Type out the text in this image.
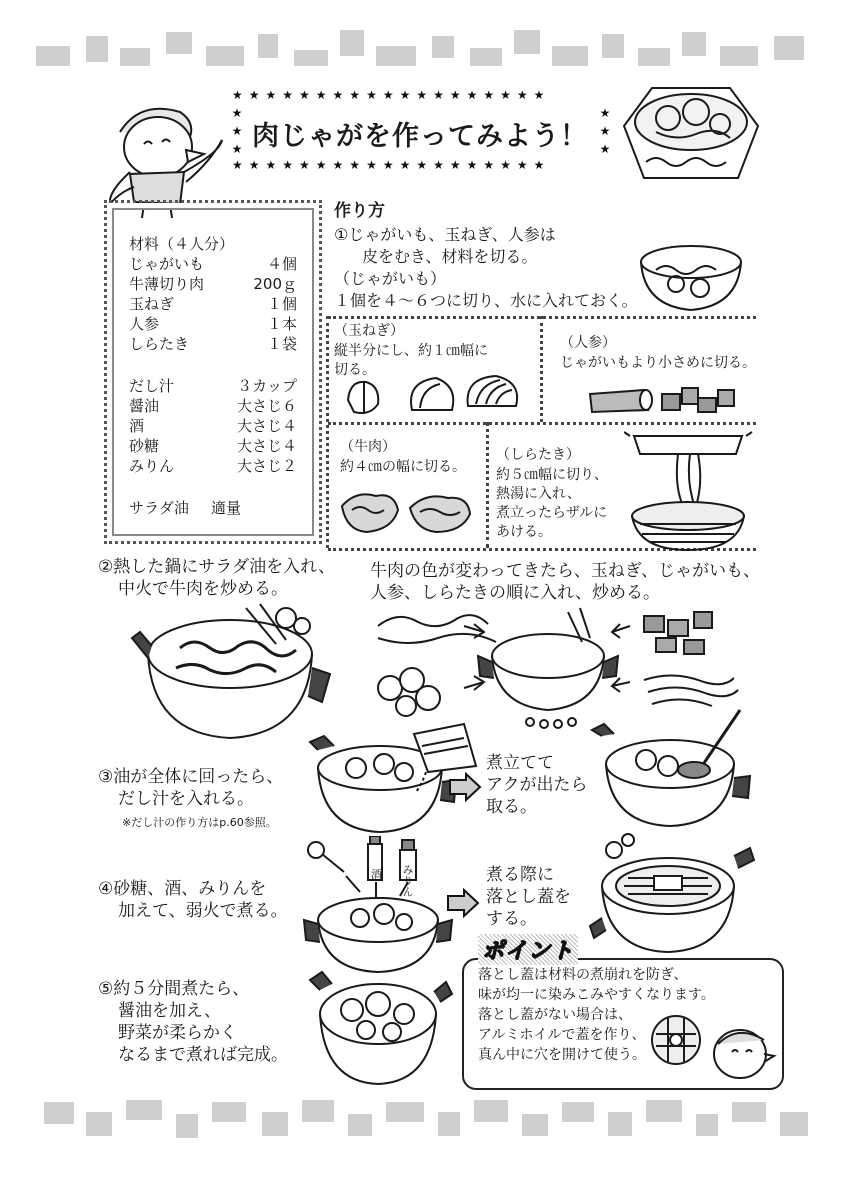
★★★★★★★★★★★★★★★★★★★
★★★★★★★★★★★★★★★★★★★
★★★	★★★
肉じゃがを作ってみよう！
材料（４人分）
じゃがいも	４個
牛薄切り肉	200ｇ
玉ねぎ	１個
人参	１本
しらたき	１袋
だし汁	３カップ
醤油	大さじ６
酒	大さじ４
砂糖	大さじ４
みりん	大さじ２
サラダ油 適量
作り方
①じゃがいも、玉ねぎ、人参は
皮をむき、材料を切る。
（じゃがいも）
１個を４～６つに切り、水に入れておく。
（玉ねぎ）
縦半分にし、約１㎝幅に
切る。
（人参）
じゃがいもより小さめに切る。
（牛肉）
約４㎝の幅に切る。
（しらたき）
約５㎝幅に切り、
熱湯に入れ、
煮立ったらザルに
あける。
②熱した鍋にサラダ油を入れ、
中火で牛肉を炒める。
牛肉の色が変わってきたら、玉ねぎ、じゃがいも、
人参、しらたきの順に入れ、炒める。
③油が全体に回ったら、
だし汁を入れる。
※だし汁の作り方はp.60参照。
煮立てて
アクが出たら
取る。
④砂糖、酒、みりんを
加えて、弱火で煮る。
酒 みりん	煮る際に
落とし蓋を
する。
⑤約５分間煮たら、
醤油を加え、
野菜が柔らかく
なるまで煮れば完成。
ポイント
落とし蓋は材料の煮崩れを防ぎ、
味が均一に染みこみやすくなります。
落とし蓋がない場合は、
アルミホイルで蓋を作り、
真ん中に穴を開けて使う。
